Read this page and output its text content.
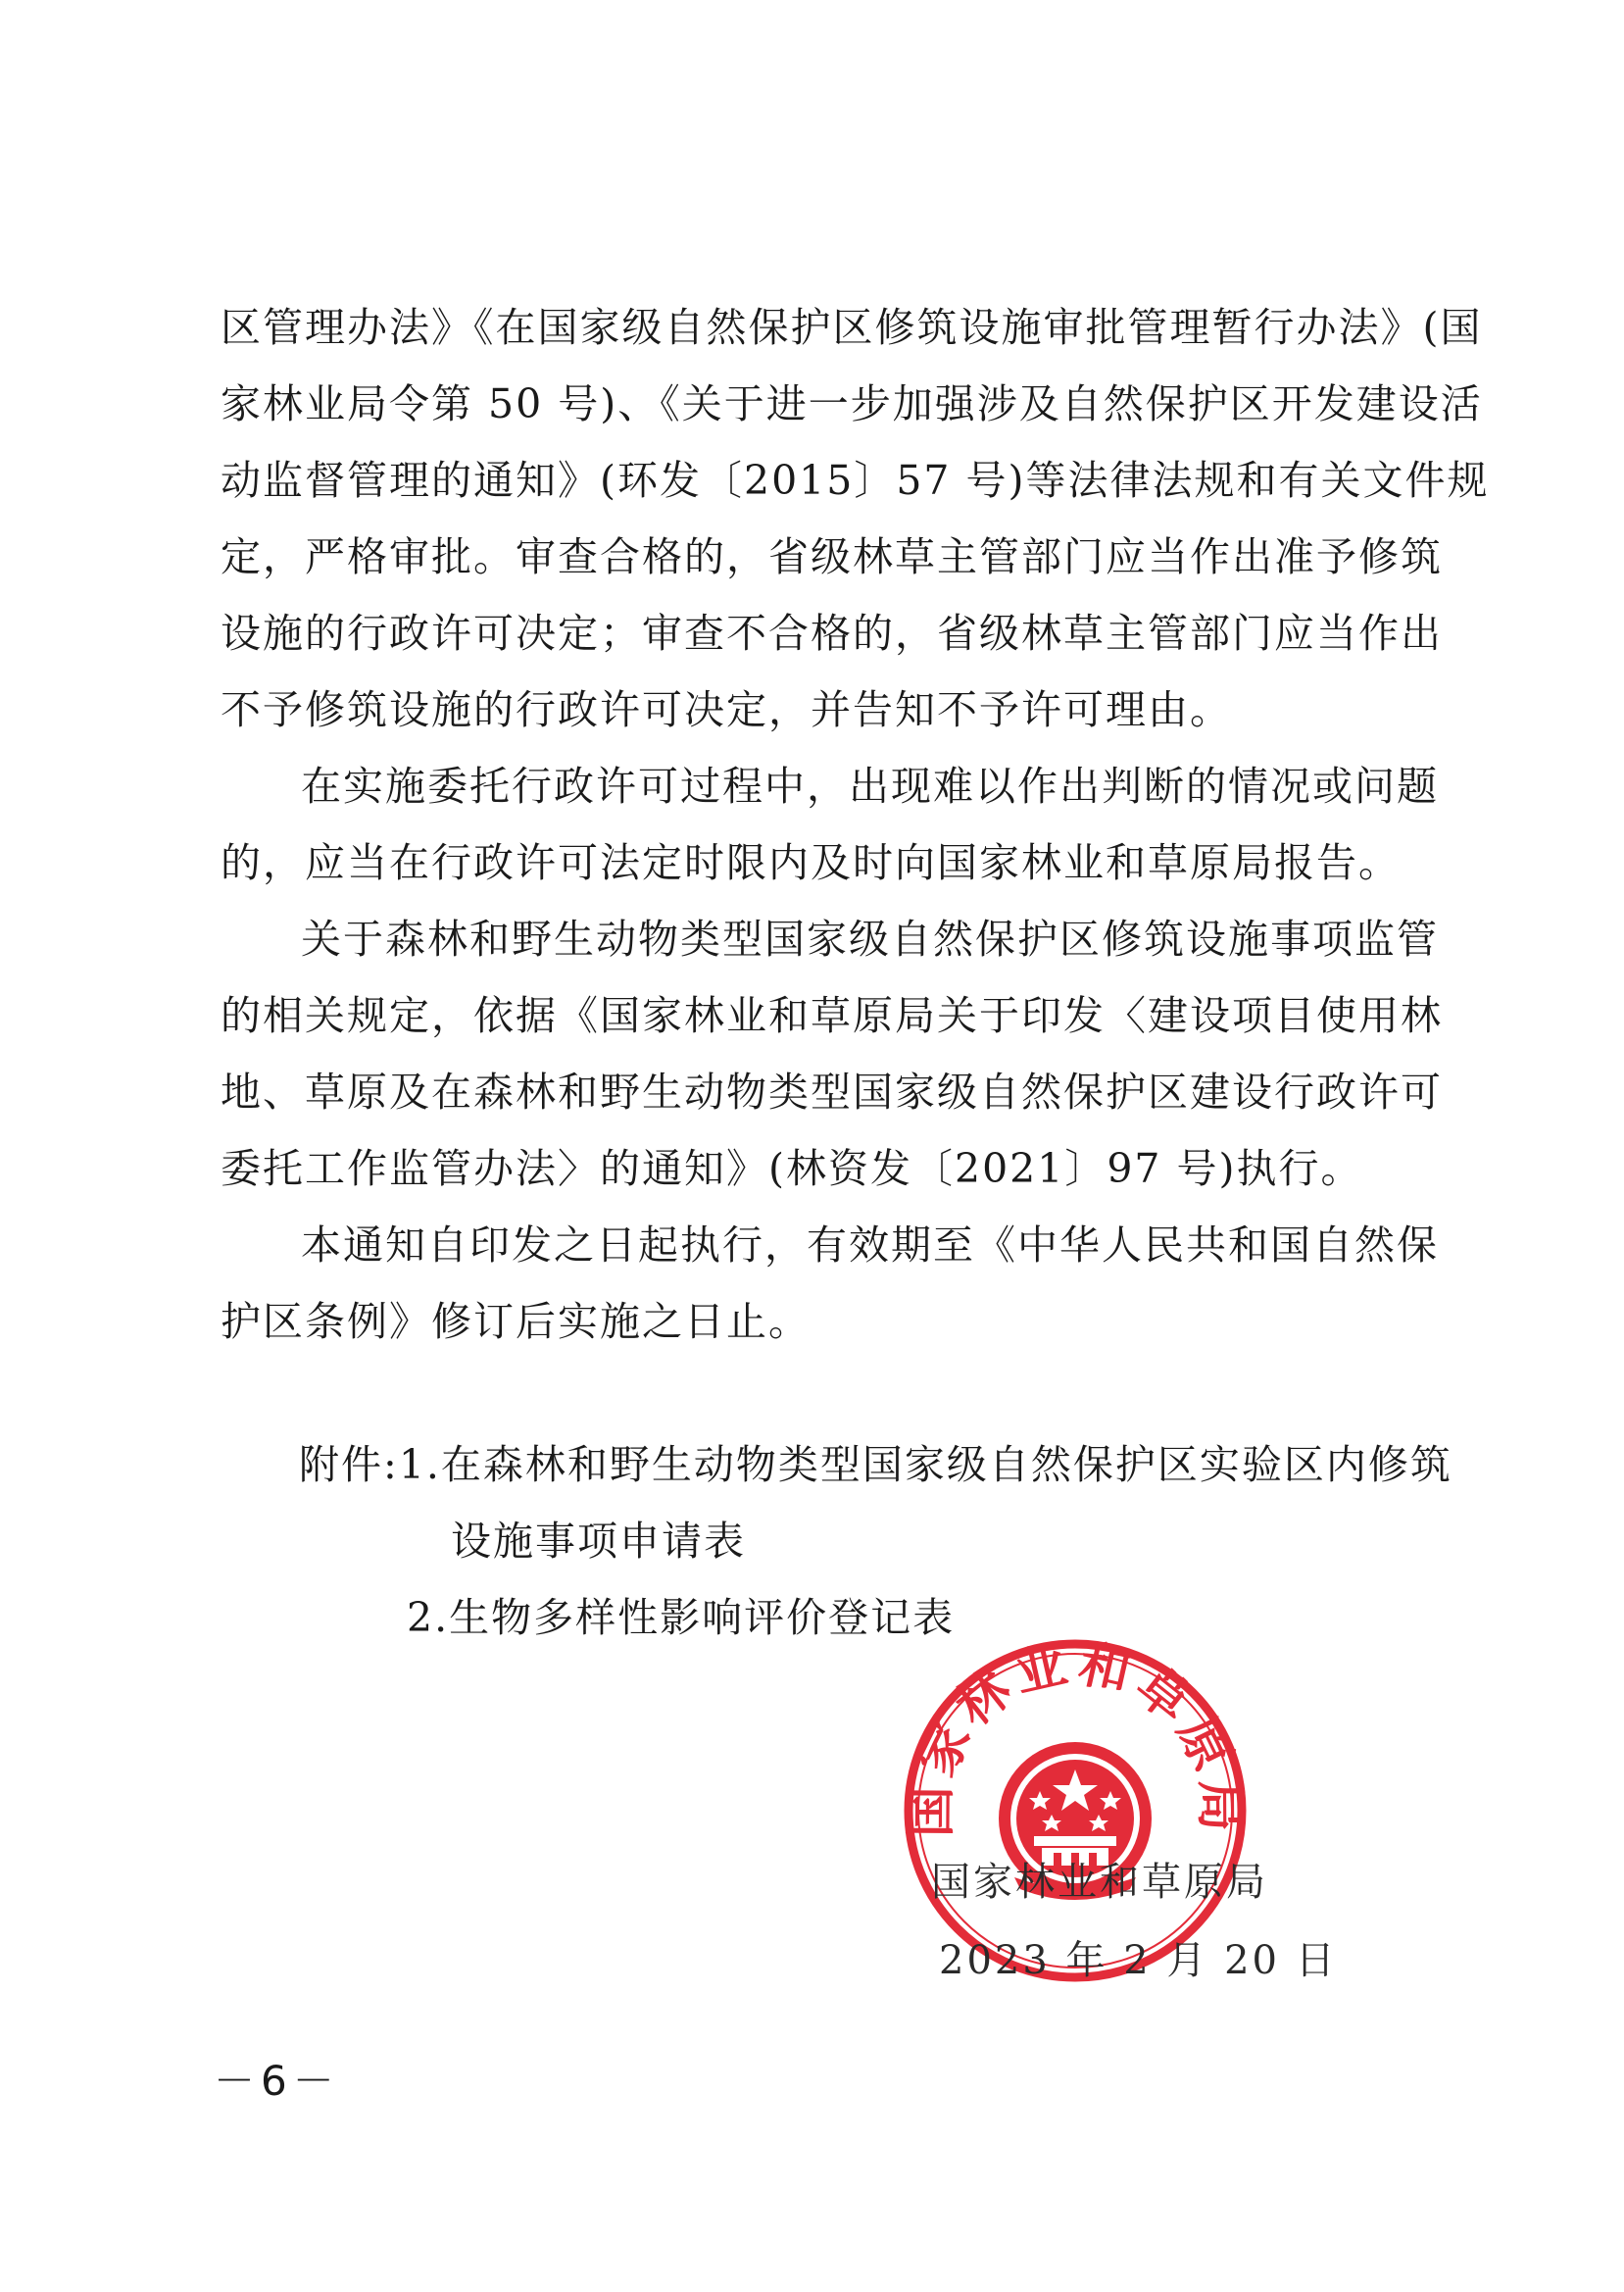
区管理办法》《在国家级自然保护区修筑设施审批管理暂行办法》(国
家林业局令第 50 号)、《关于进一步加强涉及自然保护区开发建设活
动监督管理的通知》(环发〔2015〕57 号)等法律法规和有关文件规
定，严格审批。审查合格的，省级林草主管部门应当作出准予修筑
设施的行政许可决定；审查不合格的，省级林草主管部门应当作出
不予修筑设施的行政许可决定，并告知不予许可理由。

在实施委托行政许可过程中，出现难以作出判断的情况或问题
的，应当在行政许可法定时限内及时向国家林业和草原局报告。

关于森林和野生动物类型国家级自然保护区修筑设施事项监管
的相关规定，依据《国家林业和草原局关于印发〈建设项目使用林
地、草原及在森林和野生动物类型国家级自然保护区建设行政许可
委托工作监管办法〉的通知》(林资发〔2021〕97 号)执行。

本通知自印发之日起执行，有效期至《中华人民共和国自然保
护区条例》修订后实施之日止。

附件:1.在森林和野生动物类型国家级自然保护区实验区内修筑
设施事项申请表
2.生物多样性影响评价登记表
国家林业和草原局
国家林业和草原局
2023 年 2 月 20 日
－6－
